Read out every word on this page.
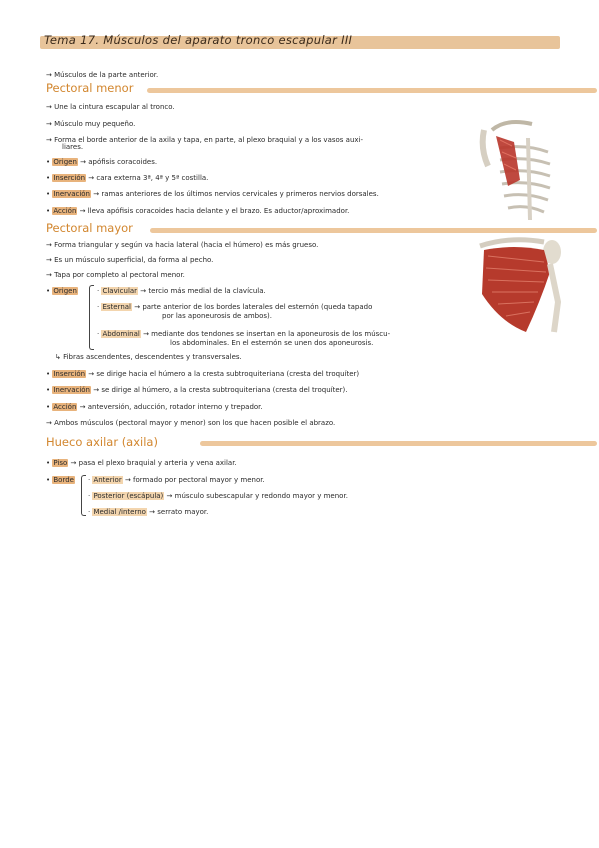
Tema 17. Músculos del aparato tronco escapular III
→ Músculos de la parte anterior.
Pectoral menor
→ Une la cintura escapular al tronco.
→ Músculo muy pequeño.
→ Forma el borde anterior de la axila y tapa, en parte, al plexo braquial y a los vasos auxi-
liares.
• Origen → apófisis coracoides.
• Inserción → cara externa 3ª, 4ª y 5ª costilla.
• Inervación → ramas anteriores de los últimos nervios cervicales y primeros nervios dorsales.
• Acción → lleva apófisis coracoides hacia delante y el brazo. Es aductor/aproximador.
Pectoral mayor
→ Forma triangular y según va hacia lateral (hacia el húmero) es más grueso.
→ Es un músculo superficial, da forma al pecho.
→ Tapa por completo al pectoral menor.
• Origen	· Clavicular → tercio más medial de la clavícula.
· Esternal → parte anterior de los bordes laterales del esternón (queda tapado
por las aponeurosis de ambos).
· Abdominal → mediante dos tendones se insertan en la aponeurosis de los múscu-
los abdominales. En el esternón se unen dos aponeurosis.
↳ Fibras ascendentes, descendentes y transversales.
• Inserción → se dirige hacia el húmero a la cresta subtroquiteriana (cresta del troquíter)
• Inervación → se dirige al húmero, a la cresta subtroquiteriana (cresta del troquíter).
• Acción → anteversión, aducción, rotador interno y trepador.
→ Ambos músculos (pectoral mayor y menor) son los que hacen posible el abrazo.
Hueco axilar (axila)
• Piso → pasa el plexo braquial y arteria y vena axilar.
• Borde · Anterior → formado por pectoral mayor y menor.
· Posterior (escápula) → músculo subescapular y redondo mayor y menor.
· Medial /interno → serrato mayor.
